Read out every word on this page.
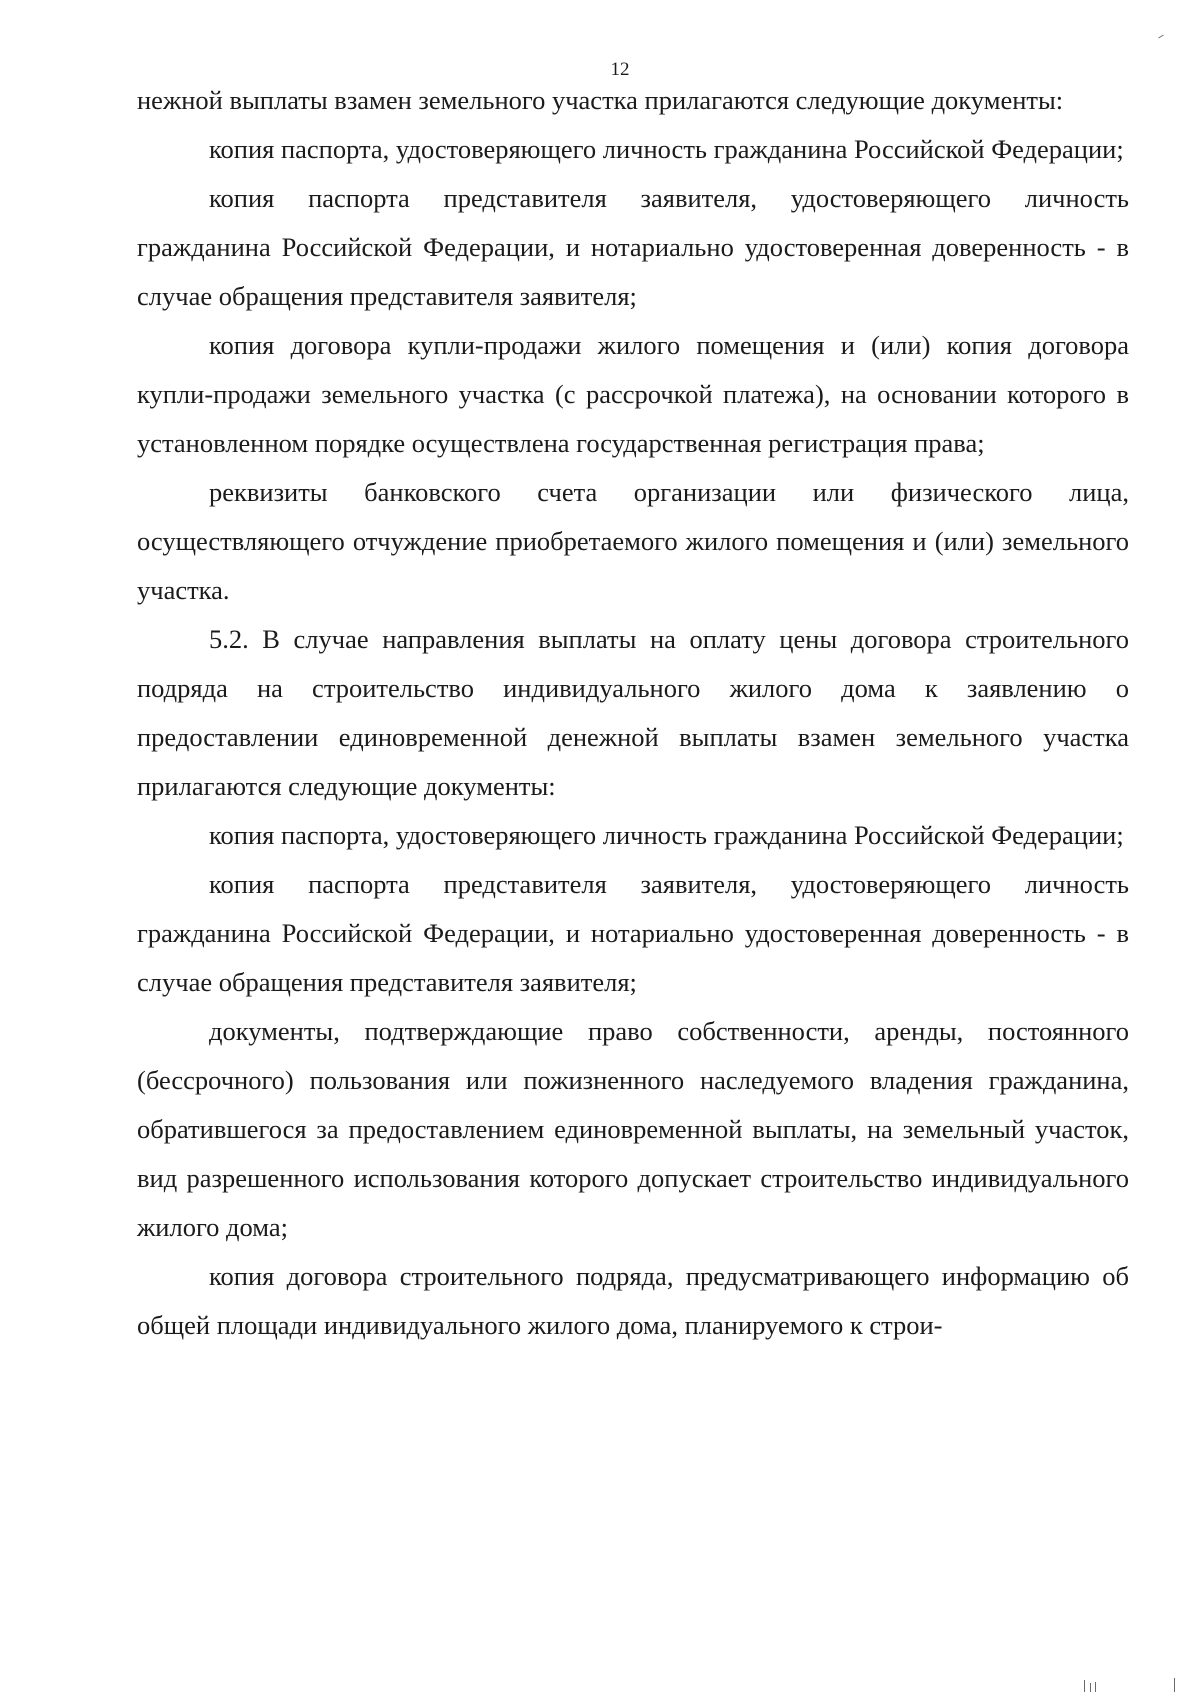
12

нежной выплаты взамен земельного участка прилагаются следующие документы:

копия паспорта, удостоверяющего личность гражданина Российской Федерации;

копия паспорта представителя заявителя, удостоверяющего личность гражданина Российской Федерации, и нотариально удостоверенная доверенность - в случае обращения представителя заявителя;

копия договора купли-продажи жилого помещения и (или) копия договора купли-продажи земельного участка (с рассрочкой платежа), на основании которого в установленном порядке осуществлена государственная регистрация права;

реквизиты банковского счета организации или физического лица, осуществляющего отчуждение приобретаемого жилого помещения и (или) земельного участка.

5.2. В случае направления выплаты на оплату цены договора строительного подряда на строительство индивидуального жилого дома к заявлению о предоставлении единовременной денежной выплаты взамен земельного участка прилагаются следующие документы:

копия паспорта, удостоверяющего личность гражданина Российской Федерации;

копия паспорта представителя заявителя, удостоверяющего личность гражданина Российской Федерации, и нотариально удостоверенная доверенность - в случае обращения представителя заявителя;

документы, подтверждающие право собственности, аренды, постоянного (бессрочного) пользования или пожизненного наследуемого владения гражданина, обратившегося за предоставлением единовременной выплаты, на земельный участок, вид разрешенного использования которого допускает строительство индивидуального жилого дома;

копия договора строительного подряда, предусматривающего информацию об общей площади индивидуального жилого дома, планируемого к строи-
